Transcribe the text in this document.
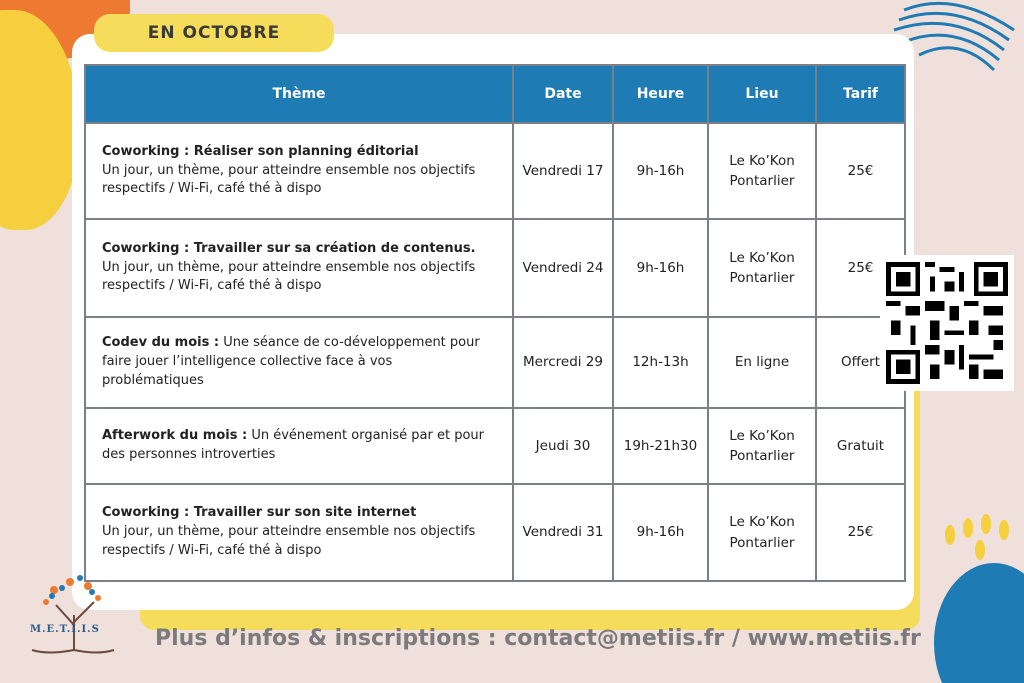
EN OCTOBRE
Thème	Date	Heure	Lieu	Tarif
Coworking : Réaliser son planning éditorial
Un jour, un thème, pour atteindre ensemble nos objectifs respectifs / Wi-Fi, café thé à dispo	Vendredi 17	9h-16h	Le Ko’Kon Pontarlier	25€
Coworking : Travailler sur sa création de contenus.
Un jour, un thème, pour atteindre ensemble nos objectifs respectifs / Wi-Fi, café thé à dispo	Vendredi 24	9h-16h	Le Ko’Kon Pontarlier	25€
Codev du mois : Une séance de co-développement pour faire jouer l’intelligence collective face à vos problématiques	Mercredi 29	12h-13h	En ligne	Offert
Afterwork du mois : Un événement organisé par et pour des personnes introverties	Jeudi 30	19h-21h30	Le Ko’Kon Pontarlier	Gratuit
Coworking : Travailler sur son site internet
Un jour, un thème, pour atteindre ensemble nos objectifs respectifs / Wi-Fi, café thé à dispo	Vendredi 31	9h-16h	Le Ko’Kon Pontarlier	25€
M.E.T.I.I.S	Plus d’infos & inscriptions : contact@metiis.fr / www.metiis.fr
